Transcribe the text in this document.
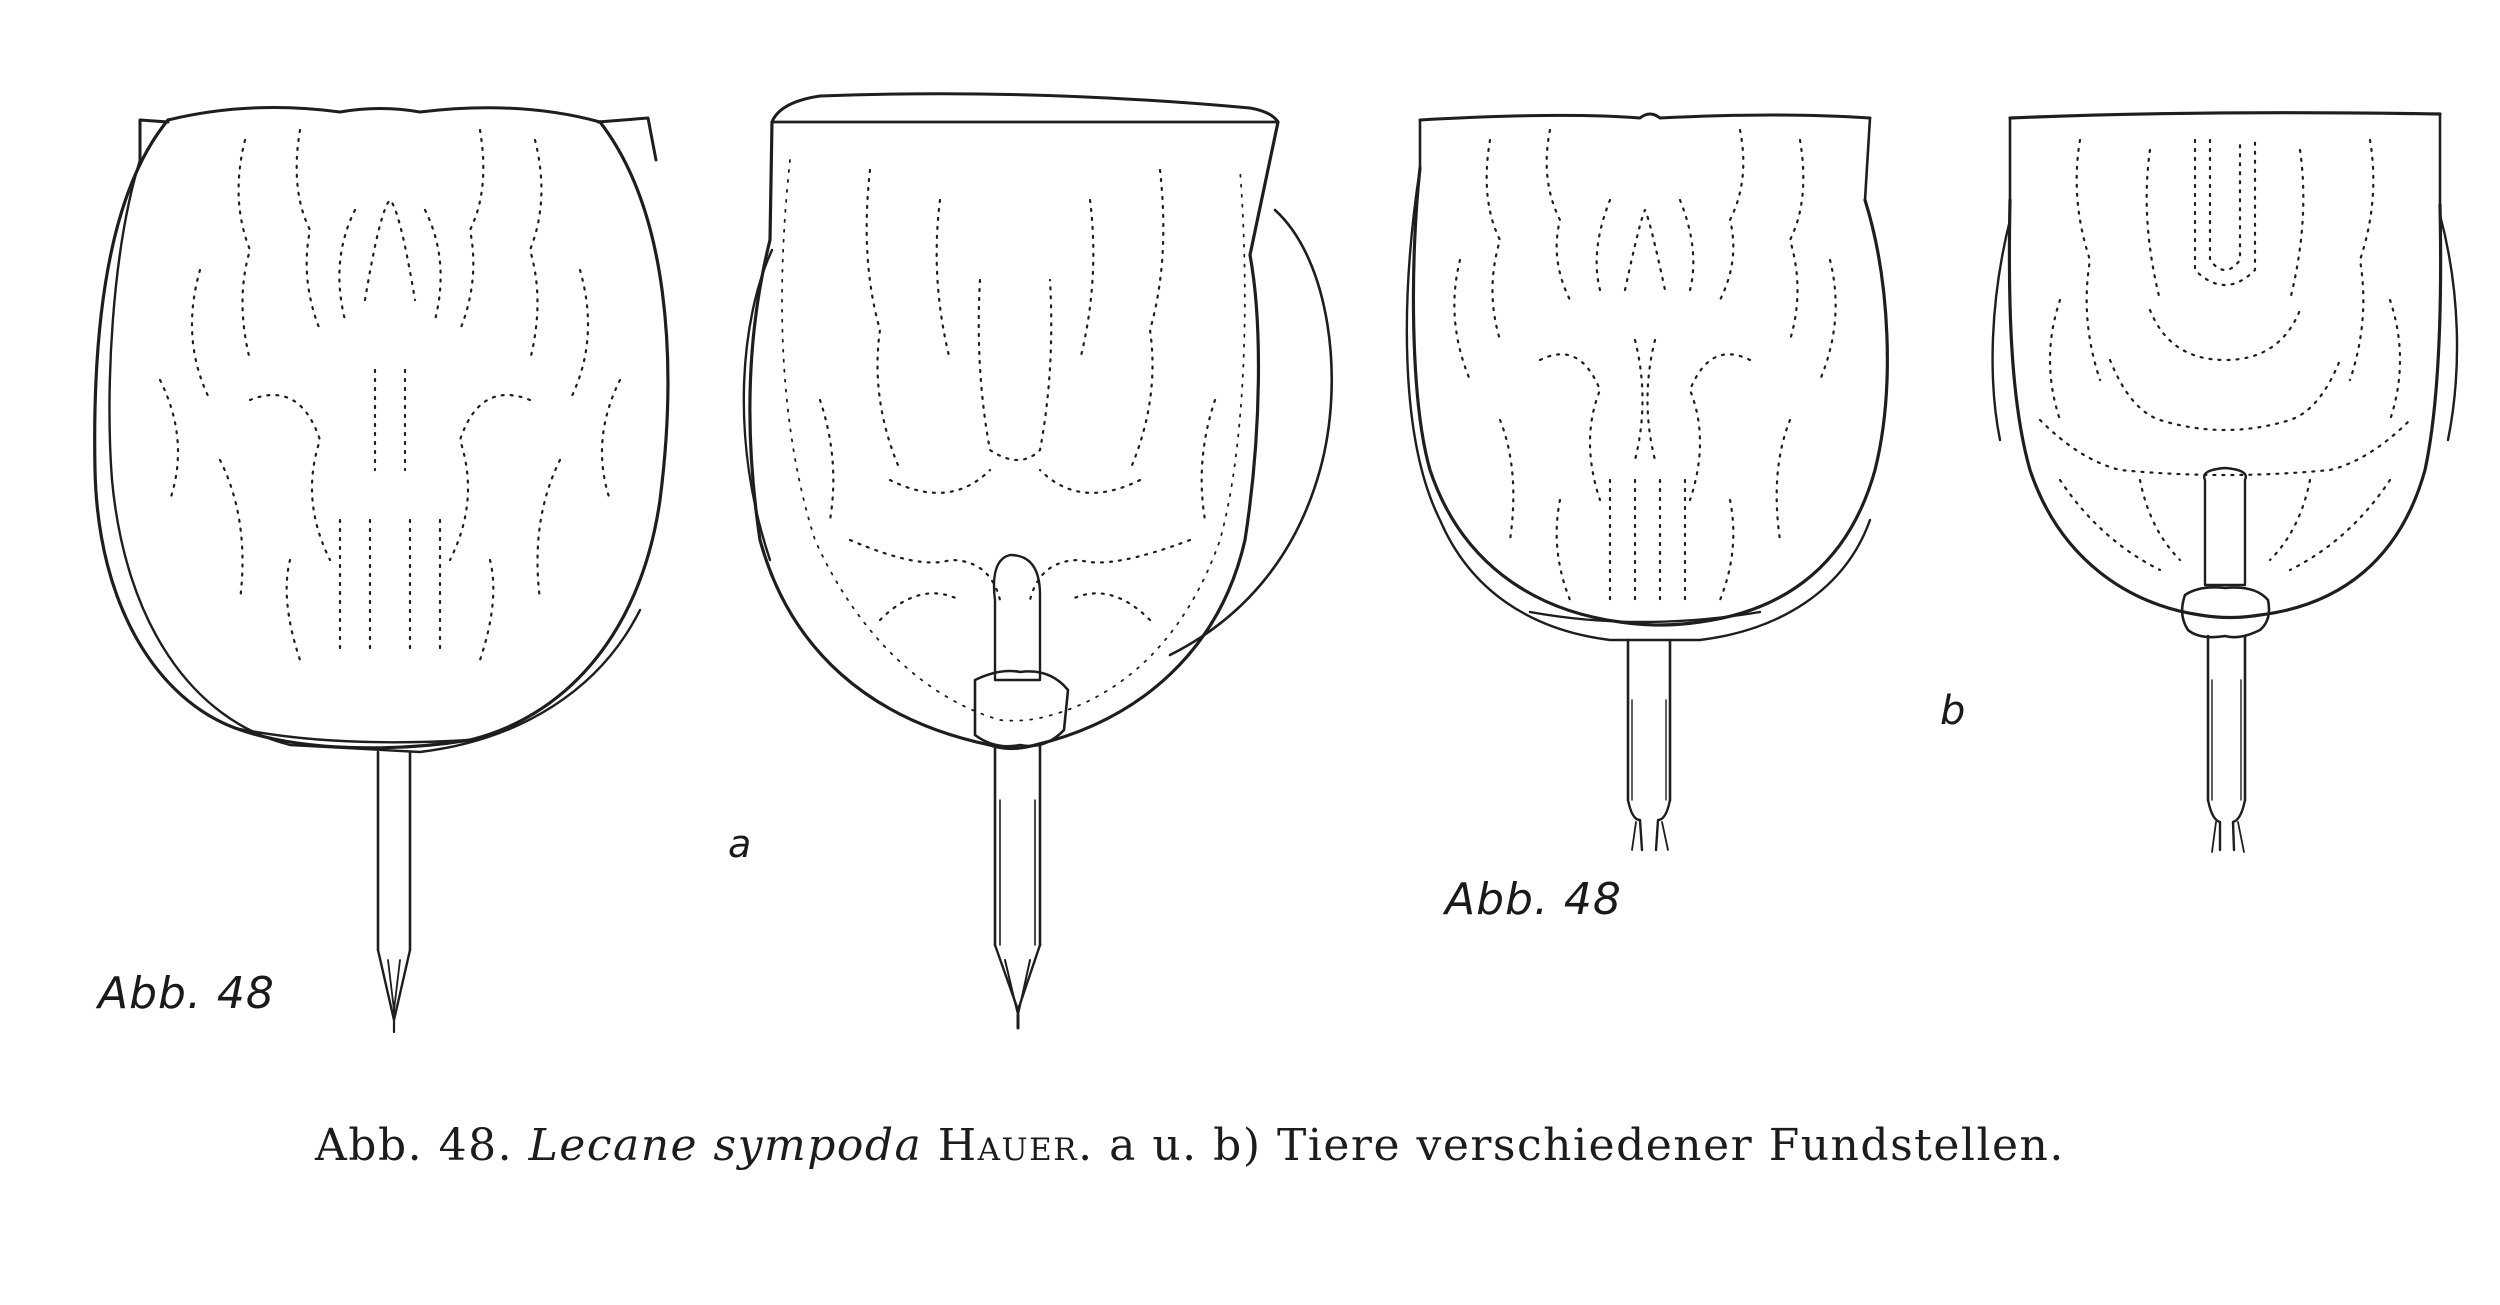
Abb. 48
a
Abb. 48
b
Abb. 48. Lecane sympoda Hauer. a u. b) Tiere verschiedener Fundstellen.
